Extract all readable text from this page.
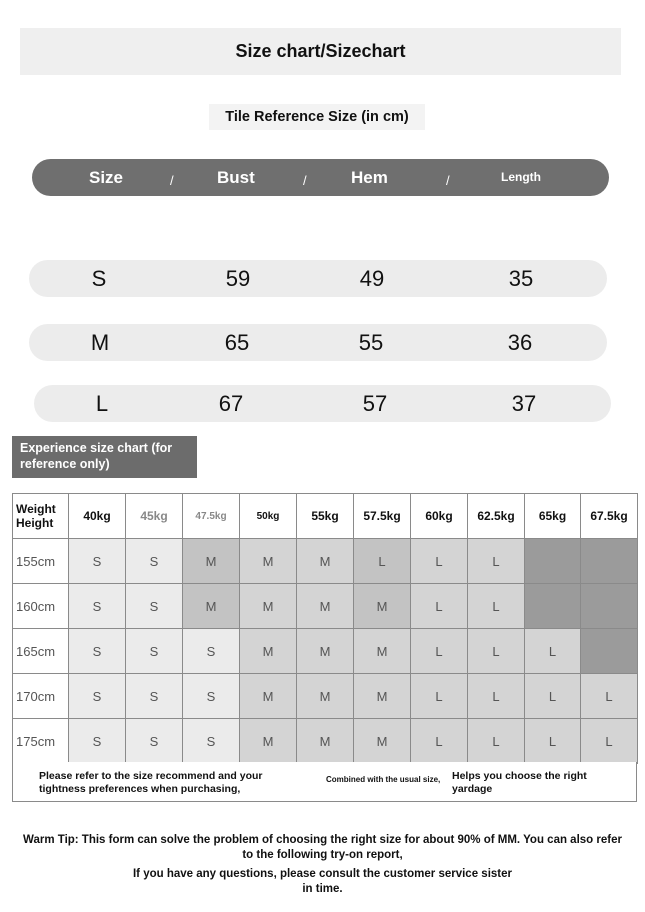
Size chart/Sizechart
Tile Reference Size (in cm)
Size	/	Bust	/	Hem	/	Length
S	59	49	35
M	65	55	36
L	67	57	37
Experience size chart (for reference only)
Weight
Height	40kg	45kg	47.5kg	50kg	55kg	57.5kg	60kg	62.5kg	65kg	67.5kg
155cm	S	S	M	M	M	L	L	L		
160cm	S	S	M	M	M	M	L	L		
165cm	S	S	S	M	M	M	L	L	L	
170cm	S	S	S	M	M	M	L	L	L	L
175cm	S	S	S	M	M	M	L	L	L	L
Please refer to the size recommend and your tightness preferences when purchasing,
Combined with the usual size, Helps you choose the right yardage
Warm Tip: This form can solve the problem of choosing the right size for about 90% of MM. You can also refer to the following try-on report,
If you have any questions, please consult the customer service sister in time.
